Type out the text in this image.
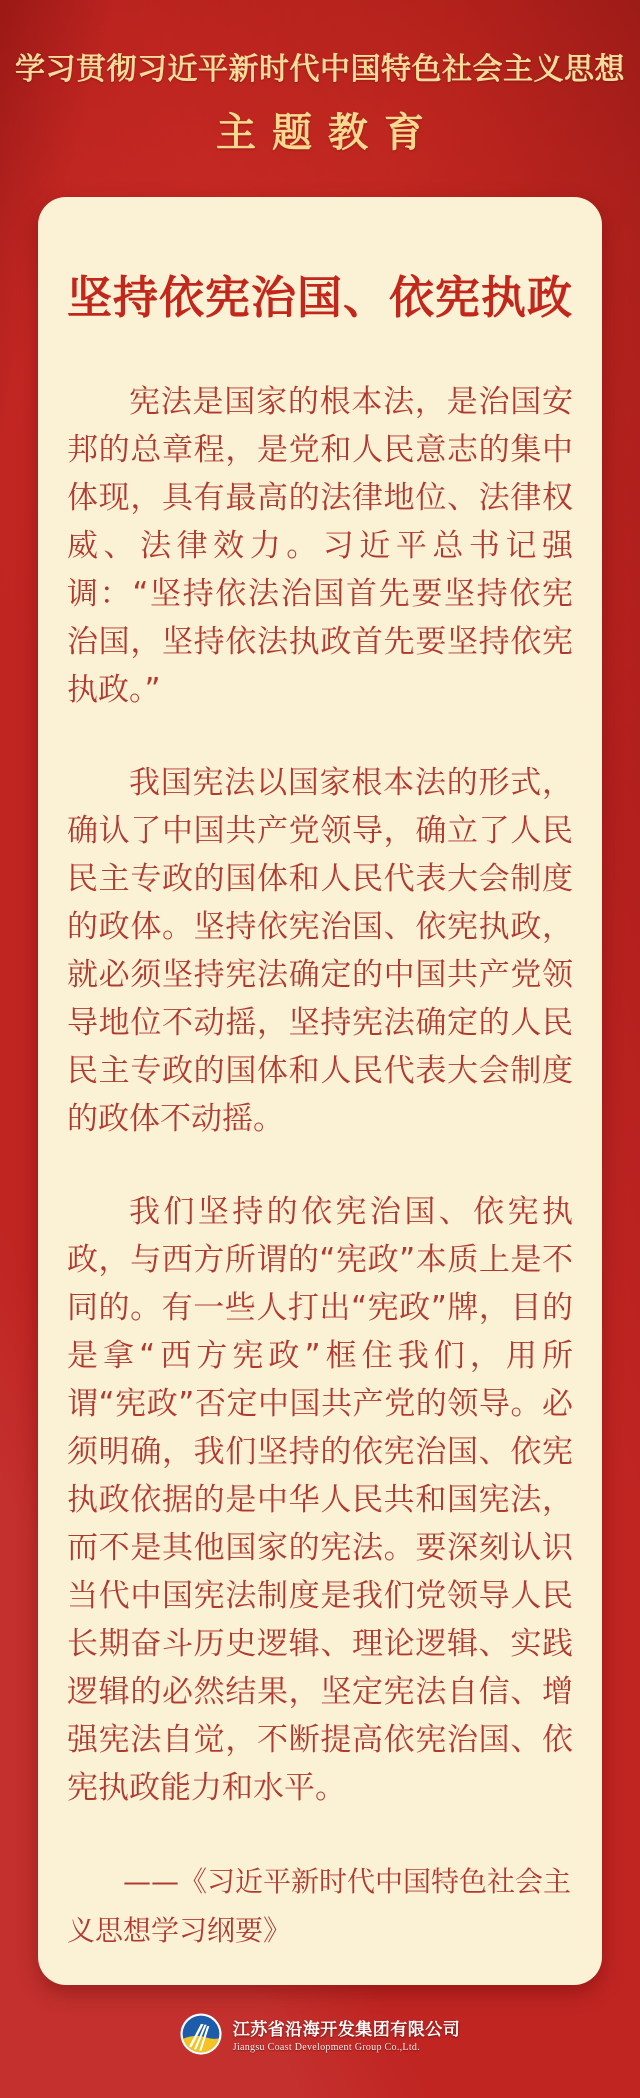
学习贯彻习近平新时代中国特色社会主义思想
主题教育
坚持依宪治国、依宪执政

宪法是国家的根本法，是治国安邦的总章程，是党和人民意志的集中体现，具有最高的法律地位、法律权威、法律效力。习近平总书记强调：“坚持依法治国首先要坚持依宪治国，坚持依法执政首先要坚持依宪执政。”

我国宪法以国家根本法的形式，确认了中国共产党领导，确立了人民民主专政的国体和人民代表大会制度的政体。坚持依宪治国、依宪执政，就必须坚持宪法确定的中国共产党领导地位不动摇，坚持宪法确定的人民民主专政的国体和人民代表大会制度的政体不动摇。

我们坚持的依宪治国、依宪执政，与西方所谓的“宪政”本质上是不同的。有一些人打出“宪政”牌，目的是拿“西方宪政”框住我们，用所谓“宪政”否定中国共产党的领导。必须明确，我们坚持的依宪治国、依宪执政依据的是中华人民共和国宪法，而不是其他国家的宪法。要深刻认识当代中国宪法制度是我们党领导人民长期奋斗历史逻辑、理论逻辑、实践逻辑的必然结果，坚定宪法自信、增强宪法自觉，不断提高依宪治国、依宪执政能力和水平。

——《习近平新时代中国特色社会主义思想学习纲要》
江苏省沿海开发集团有限公司
Jiangsu Coast Development Group Co.,Ltd.
